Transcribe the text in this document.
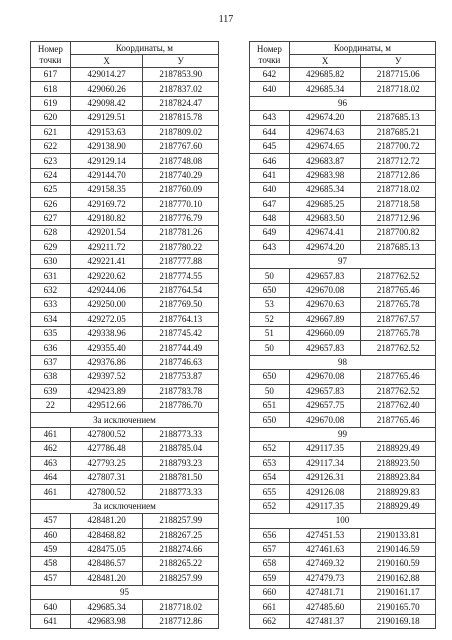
117
Номер точки	Координаты, м	
	X	У
617	429014.27	2187853.90
618	429060.26	2187837.02
619	429098.42	2187824.47
620	429129.51	2187815.78
621	429153.63	2187809.02
622	429138.90	2187767.60
623	429129.14	2187748.08
624	429144.70	2187740.29
625	429158.35	2187760.09
626	429169.72	2187770.10
627	429180.82	2187776.79
628	429201.54	2187781.26
629	429211.72	2187780.22
630	429221.41	2187777.88
631	429220.62	2187774.55
632	429244.06	2187764.54
633	429250.00	2187769.50
634	429272.05	2187764.13
635	429338.96	2187745.42
636	429355.40	2187744.49
637	429376.86	2187746.63
638	429397.52	2187753.87
639	429423.89	2187783.78
22	429512.66	2187786.70
За исключением		
461	427800.52	2188773.33
462	427786.48	2188785.04
463	427793.25	2188793.23
464	427807.31	2188781.50
461	427800.52	2188773.33
За исключением		
457	428481.20	2188257.99
460	428468.82	2188267.25
459	428475.05	2188274.66
458	428486.57	2188265.22
457	428481.20	2188257.99
95		
640	429685.34	2187718.02
641	429683.98	2187712.86
Номер точки	Координаты, м	
	X	У
642	429685.82	2187715.06
640	429685.34	2187718.02
96		
643	429674.20	2187685.13
644	429674.63	2187685.21
645	429674.65	2187700.72
646	429683.87	2187712.72
641	429683.98	2187712.86
640	429685.34	2187718.02
647	429685.25	2187718.58
648	429683.50	2187712.96
649	429674.41	2187700.82
643	429674.20	2187685.13
97		
50	429657.83	2187762.52
650	429670.08	2187765.46
53	429670.63	2187765.78
52	429667.89	2187767.57
51	429660.09	2187765.78
50	429657.83	2187762.52
98		
650	429670.08	2187765.46
50	429657.83	2187762.52
651	429657.75	2187762.40
650	429670.08	2187765.46
99		
652	429117.35	2188929.49
653	429117.34	2188923.50
654	429126.31	2188923.84
655	429126.08	2188929.83
652	429117.35	2188929.49
100		
656	427451.53	2190133.81
657	427461.63	2190146.59
658	427469.32	2190160.59
659	427479.73	2190162.88
660	427481.71	2190161.17
661	427485.60	2190165.70
662	427481.37	2190169.18
